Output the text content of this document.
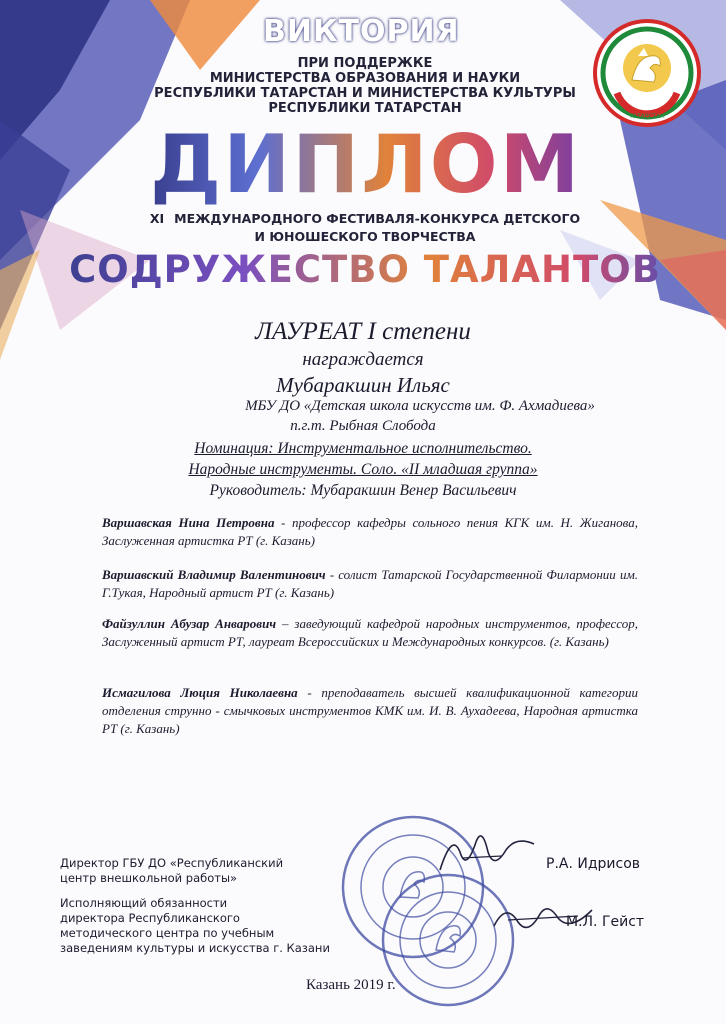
ВИКТОРИЯ
ПРИ ПОДДЕРЖКЕ
МИНИСТЕРСТВА ОБРАЗОВАНИЯ И НАУКИ
РЕСПУБЛИКИ ТАТАРСТАН И МИНИСТЕРСТВА КУЛЬТУРЫ
РЕСПУБЛИКИ ТАТАРСТАН
ТАТАРСТАН
ДИПЛОМ
XI МЕЖДУНАРОДНОГО ФЕСТИВАЛЯ-КОНКУРСА ДЕТСКОГО
И ЮНОШЕСКОГО ТВОРЧЕСТВА
СОДРУЖЕСТВО ТАЛАНТОВ
ЛАУРЕАТ I степени
награждается
Мубаракшин Ильяс
МБУ ДО «Детская школа искусств им. Ф. Ахмадиева»
п.г.т. Рыбная Слобода
Номинация: Инструментальное исполнительство.
Народные инструменты. Соло. «II младшая группа»
Руководитель: Мубаракшин Венер Васильевич
Варшавская Нина Петровна - профессор кафедры сольного пения КГК им. Н. Жиганова, Заслуженная артистка РТ (г. Казань)
Варшавский Владимир Валентинович - солист Татарской Государственной Филармонии им. Г.Тукая, Народный артист РТ (г. Казань)
Файзуллин Абузар Анварович – заведующий кафедрой народных инструментов, профессор, Заслуженный артист РТ, лауреат Всероссийских и Международных конкурсов. (г. Казань)
Исмагилова Люция Николаевна - преподаватель высшей квалификационной категории отделения струнно - смычковых инструментов КМК им. И. В. Аухадеева, Народная артистка РТ (г. Казань)
Директор ГБУ ДО «Республиканский
центр внешкольной работы»
Р.А. Идрисов
Исполняющий обязанности
директора Республиканского
методического центра по учебным
заведениям культуры и искусства г. Казани
М.Л. Гейст
Казань 2019 г.
